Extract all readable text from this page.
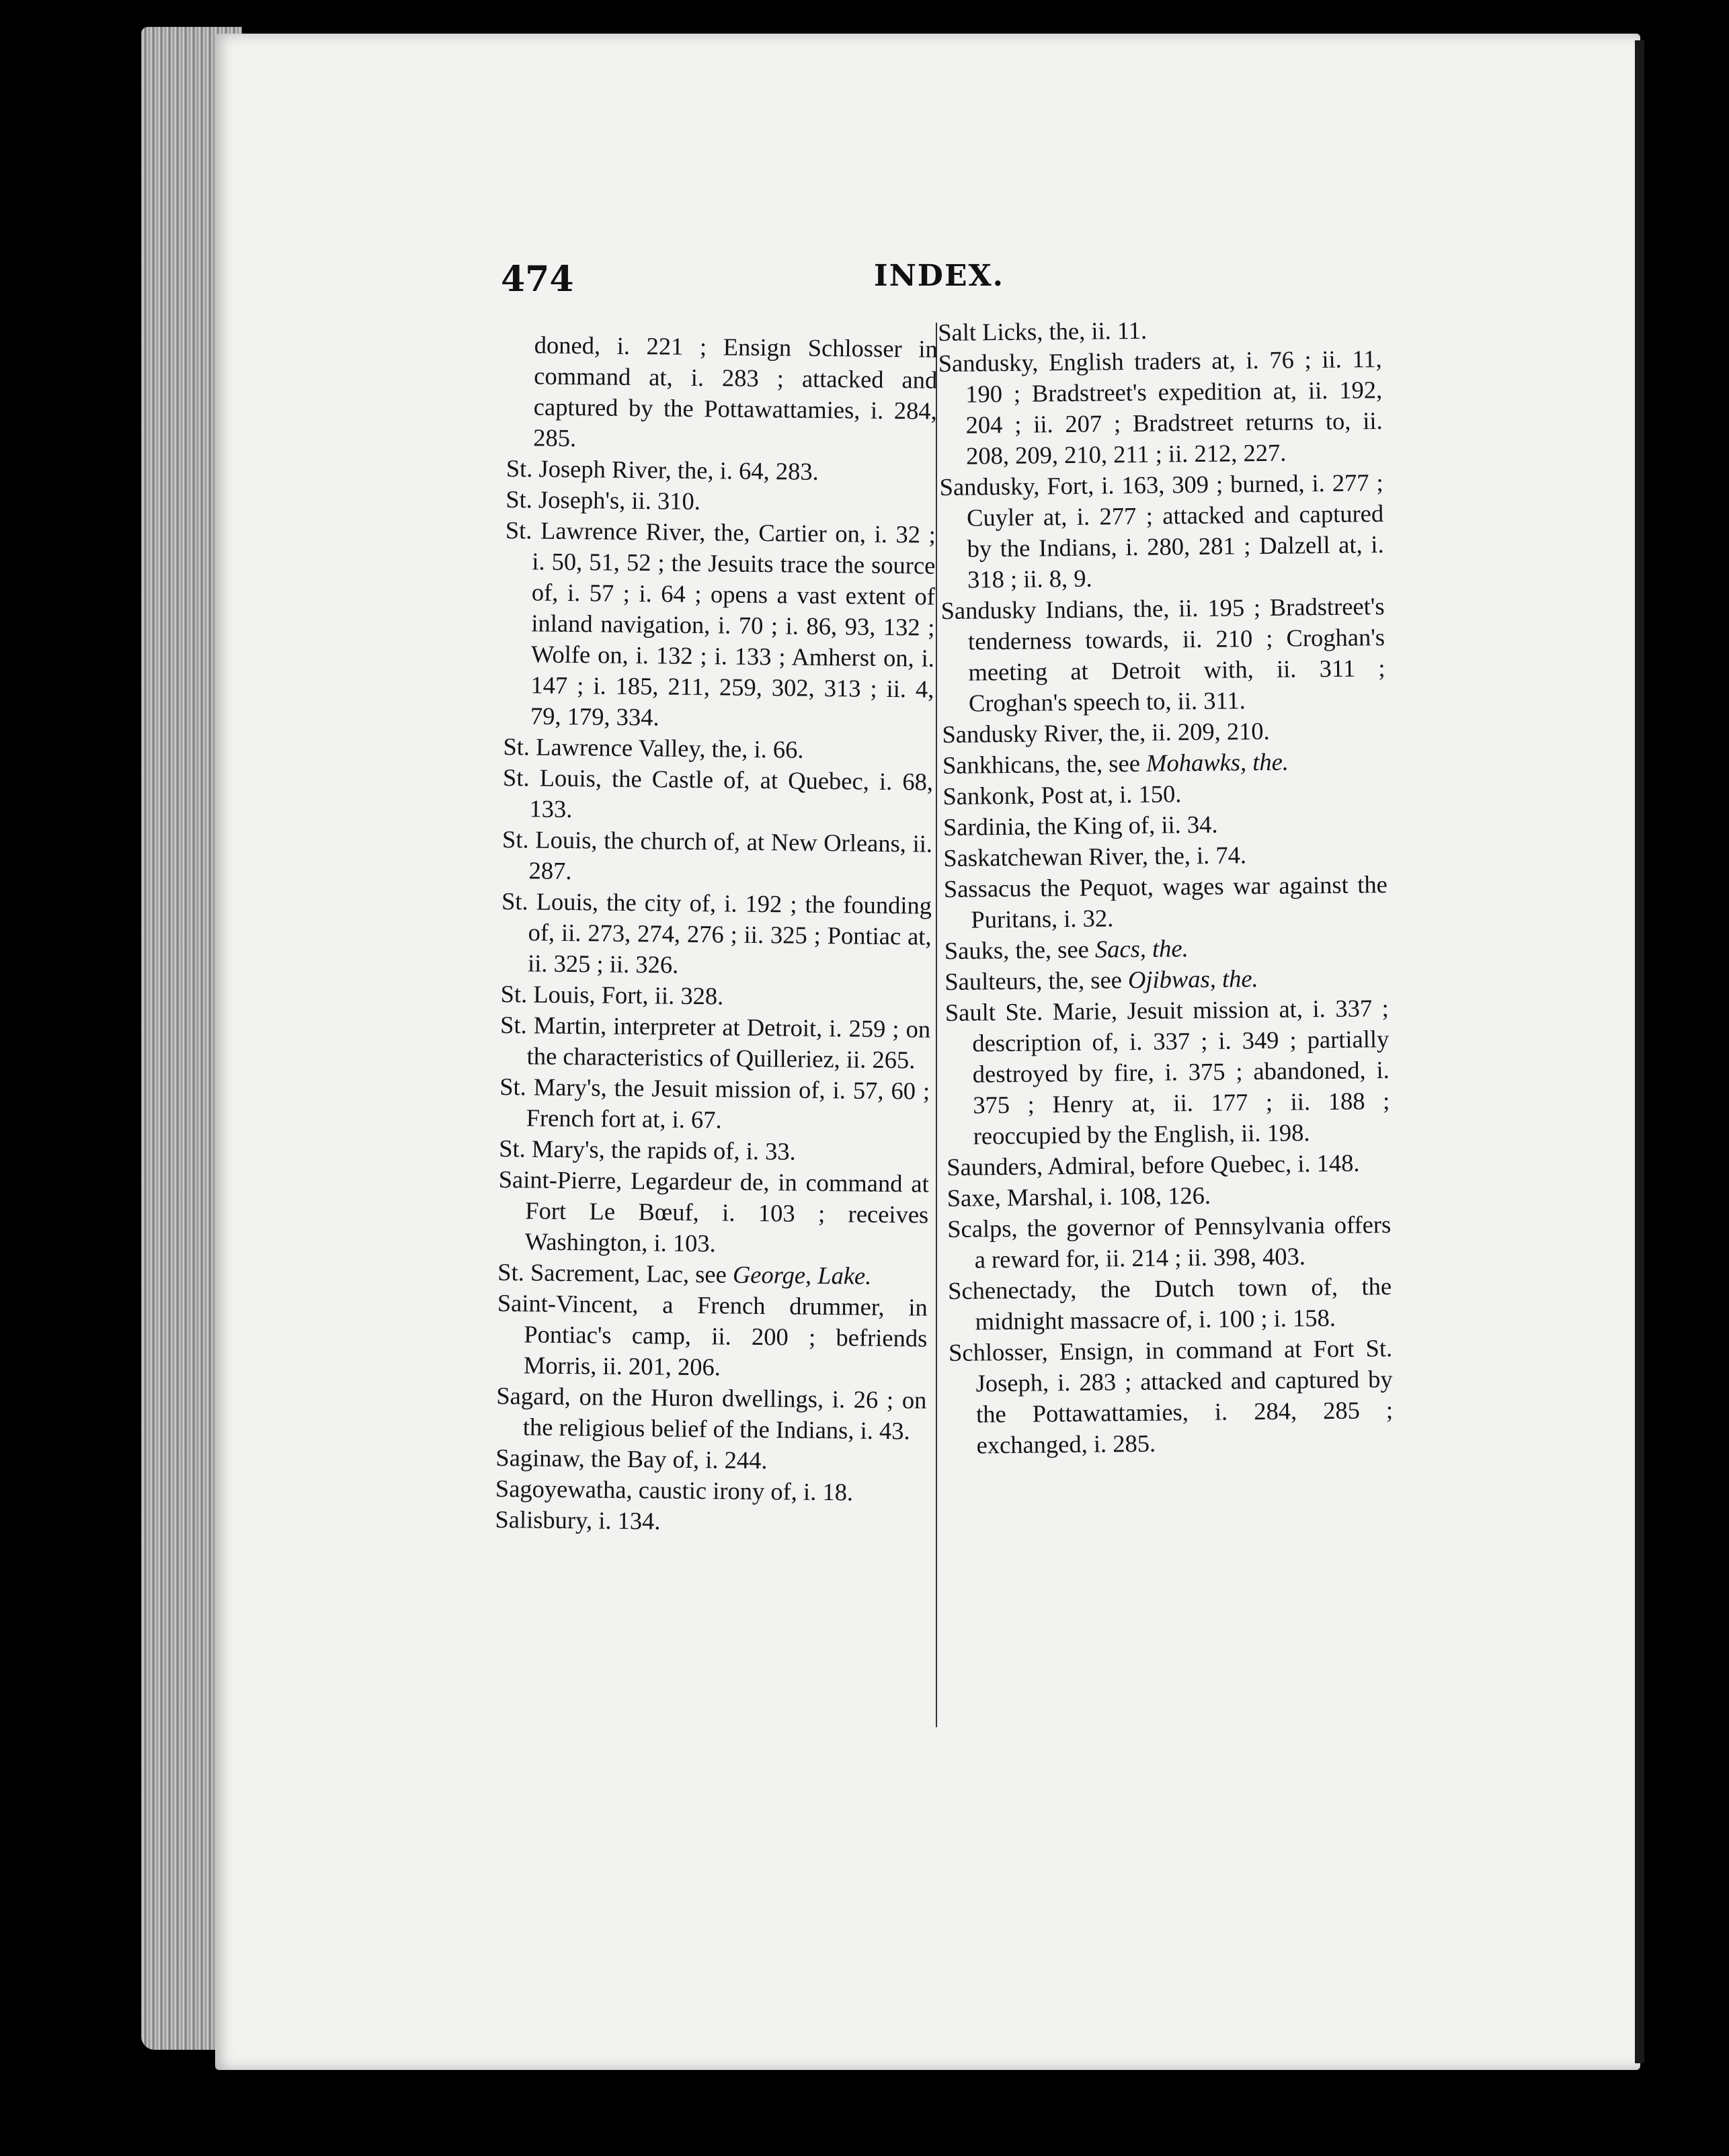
474	INDEX.

doned, i. 221 ; Ensign Schlosser in command at, i. 283 ; attacked and captured by the Pottawattamies, i. 284, 285.

St. Joseph River, the, i. 64, 283.

St. Joseph's, ii. 310.

St. Lawrence River, the, Cartier on, i. 32 ; i. 50, 51, 52 ; the Jesuits trace the source of, i. 57 ; i. 64 ; opens a vast extent of inland navigation, i. 70 ; i. 86, 93, 132 ; Wolfe on, i. 132 ; i. 133 ; Amherst on, i. 147 ; i. 185, 211, 259, 302, 313 ; ii. 4, 79, 179, 334.

St. Lawrence Valley, the, i. 66.

St. Louis, the Castle of, at Quebec, i. 68, 133.

St. Louis, the church of, at New Orleans, ii. 287.

St. Louis, the city of, i. 192 ; the founding of, ii. 273, 274, 276 ; ii. 325 ; Pontiac at, ii. 325 ; ii. 326.

St. Louis, Fort, ii. 328.

St. Martin, interpreter at Detroit, i. 259 ; on the characteristics of Quilleriez, ii. 265.

St. Mary's, the Jesuit mission of, i. 57, 60 ; French fort at, i. 67.

St. Mary's, the rapids of, i. 33.

Saint-Pierre, Legardeur de, in command at Fort Le Bœuf, i. 103 ; receives Washington, i. 103.

St. Sacrement, Lac, see George, Lake.

Saint-Vincent, a French drummer, in Pontiac's camp, ii. 200 ; befriends Morris, ii. 201, 206.

Sagard, on the Huron dwellings, i. 26 ; on the religious belief of the Indians, i. 43.

Saginaw, the Bay of, i. 244.

Sagoyewatha, caustic irony of, i. 18.

Salisbury, i. 134.

Salt Licks, the, ii. 11.

Sandusky, English traders at, i. 76 ; ii. 11, 190 ; Bradstreet's expedition at, ii. 192, 204 ; ii. 207 ; Bradstreet returns to, ii. 208, 209, 210, 211 ; ii. 212, 227.

Sandusky, Fort, i. 163, 309 ; burned, i. 277 ; Cuyler at, i. 277 ; attacked and captured by the Indians, i. 280, 281 ; Dalzell at, i. 318 ; ii. 8, 9.

Sandusky Indians, the, ii. 195 ; Bradstreet's tenderness towards, ii. 210 ; Croghan's meeting at Detroit with, ii. 311 ; Croghan's speech to, ii. 311.

Sandusky River, the, ii. 209, 210.

Sankhicans, the, see Mohawks, the.

Sankonk, Post at, i. 150.

Sardinia, the King of, ii. 34.

Saskatchewan River, the, i. 74.

Sassacus the Pequot, wages war against the Puritans, i. 32.

Sauks, the, see Sacs, the.

Saulteurs, the, see Ojibwas, the.

Sault Ste. Marie, Jesuit mission at, i. 337 ; description of, i. 337 ; i. 349 ; partially destroyed by fire, i. 375 ; abandoned, i. 375 ; Henry at, ii. 177 ; ii. 188 ; reoccupied by the English, ii. 198.

Saunders, Admiral, before Quebec, i. 148.

Saxe, Marshal, i. 108, 126.

Scalps, the governor of Pennsylvania offers a reward for, ii. 214 ; ii. 398, 403.

Schenectady, the Dutch town of, the midnight massacre of, i. 100 ; i. 158.

Schlosser, Ensign, in command at Fort St. Joseph, i. 283 ; attacked and captured by the Pottawattamies, i. 284, 285 ; exchanged, i. 285.
